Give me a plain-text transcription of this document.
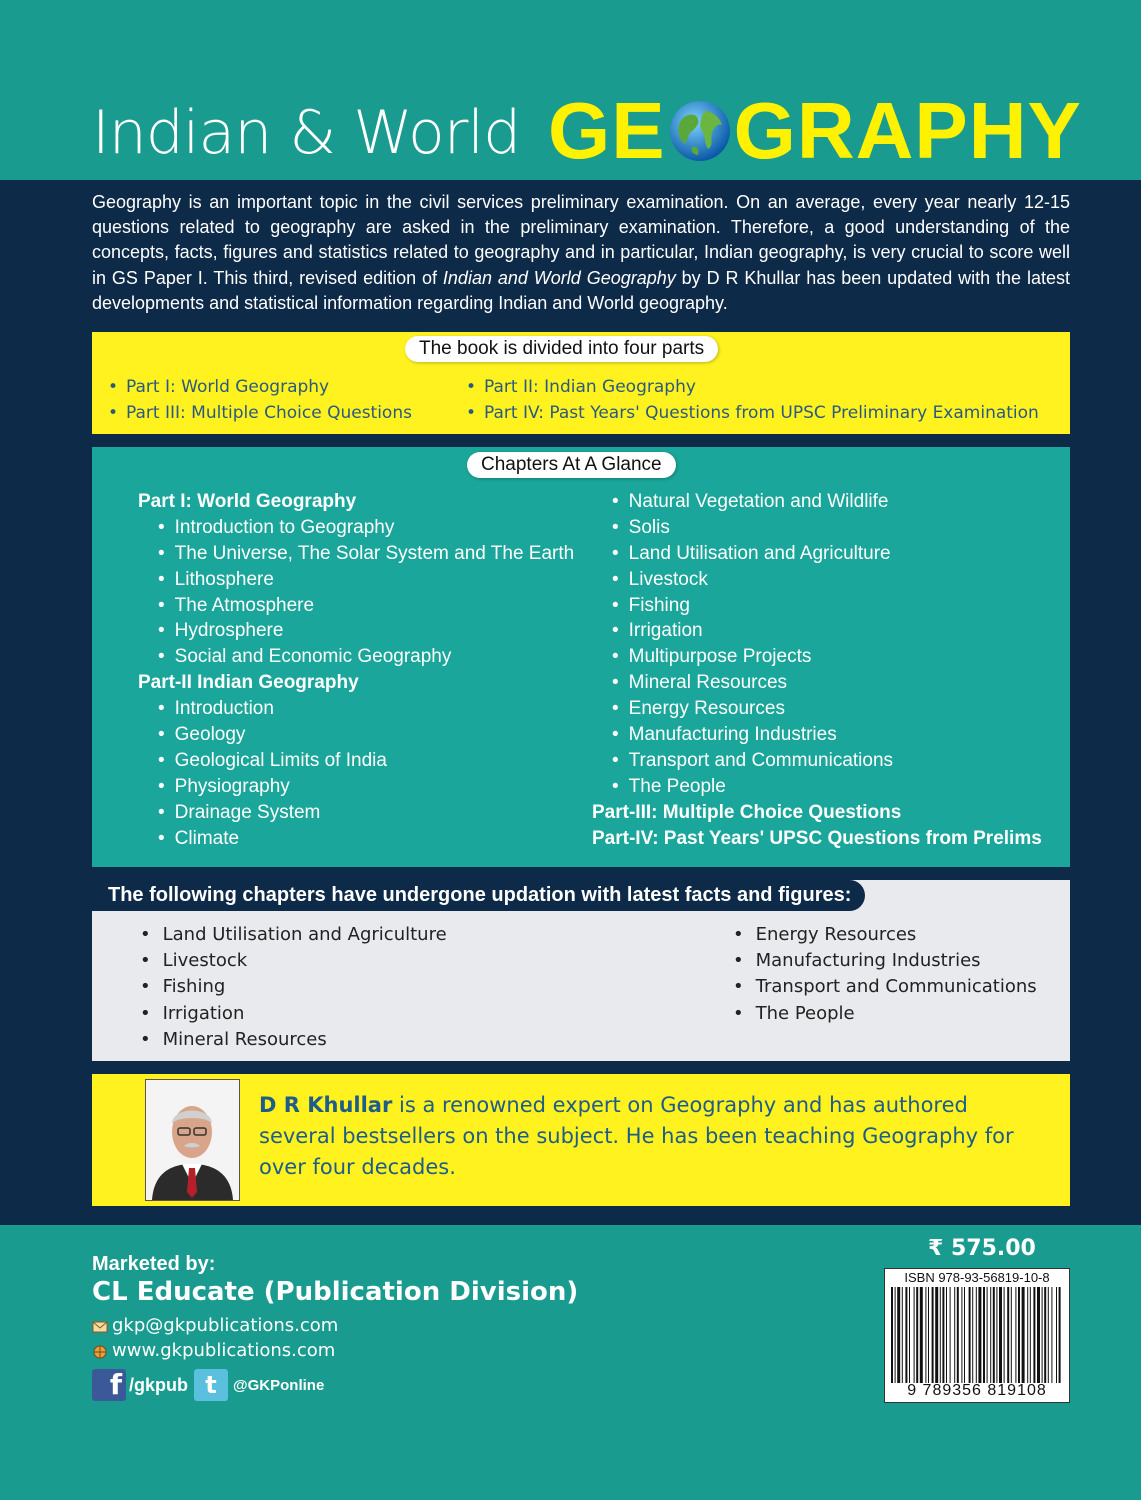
Indian & World GE GRAPHY
Geography is an important topic in the civil services preliminary examination. On an average, every year nearly 12-15 questions related to geography are asked in the preliminary examination. Therefore, a good understanding of the concepts, facts, figures and statistics related to geography and in particular, Indian geography, is very crucial to score well in GS Paper I. This third, revised edition of Indian and World Geography by D R Khullar has been updated with the latest developments and statistical information regarding Indian and World geography.
The book is divided into four parts
• Part I: World Geography
• Part III: Multiple Choice Questions
• Part II: Indian Geography
• Part IV: Past Years' Questions from UPSC Preliminary Examination
Chapters At A Glance
Part I: World Geography
• Introduction to Geography
• The Universe, The Solar System and The Earth
• Lithosphere
• The Atmosphere
• Hydrosphere
• Social and Economic Geography
Part-II Indian Geography
• Introduction
• Geology
• Geological Limits of India
• Physiography
• Drainage System
• Climate
• Natural Vegetation and Wildlife
• Solis
• Land Utilisation and Agriculture
• Livestock
• Fishing
• Irrigation
• Multipurpose Projects
• Mineral Resources
• Energy Resources
• Manufacturing Industries
• Transport and Communications
• The People
Part-III: Multiple Choice Questions
Part-IV: Past Years' UPSC Questions from Prelims
The following chapters have undergone updation with latest facts and figures:
• Land Utilisation and Agriculture
• Livestock
• Fishing
• Irrigation
• Mineral Resources
• Energy Resources
• Manufacturing Industries
• Transport and Communications
• The People
D R Khullar is a renowned expert on Geography and has authored several bestsellers on the subject. He has been teaching Geography for over four decades.
Marketed by:
CL Educate (Publication Division)
gkp@gkpublications.com
www.gkpublications.com
f /gkpub t	@GKPonline
₹ 575.00
ISBN 978-93-56819-10-8
9 789356 819108
